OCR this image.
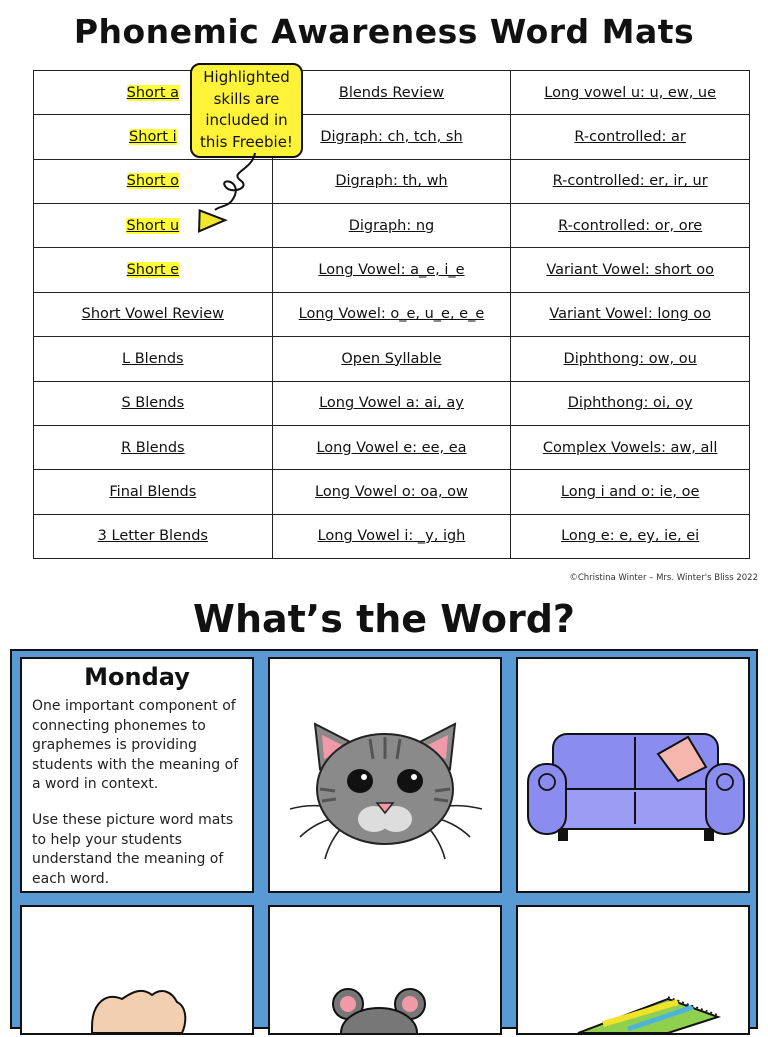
Phonemic Awareness Word Mats
Short a	Blends Review	Long vowel u: u, ew, ue
Short i	Digraph: ch, tch, sh	R-controlled: ar
Short o	Digraph: th, wh	R-controlled: er, ir, ur
Short u	Digraph: ng	R-controlled: or, ore
Short e	Long Vowel: a_e, i_e	Variant Vowel: short oo
Short Vowel Review	Long Vowel: o_e, u_e, e_e	Variant Vowel: long oo
L Blends	Open Syllable	Diphthong: ow, ou
S Blends	Long Vowel a: ai, ay	Diphthong: oi, oy
R Blends	Long Vowel e: ee, ea	Complex Vowels: aw, all
Final Blends	Long Vowel o: oa, ow	Long i and o: ie, oe
3 Letter Blends	Long Vowel i: _y, igh	Long e: e, ey, ie, ei
Highlighted
skills are
included in
this Freebie!
©Christina Winter – Mrs. Winter's Bliss 2022
What’s the Word?
Monday

One important component of connecting phonemes to graphemes is providing students with the meaning of a word in context.

Use these picture word mats to help your students understand the meaning of each word.
